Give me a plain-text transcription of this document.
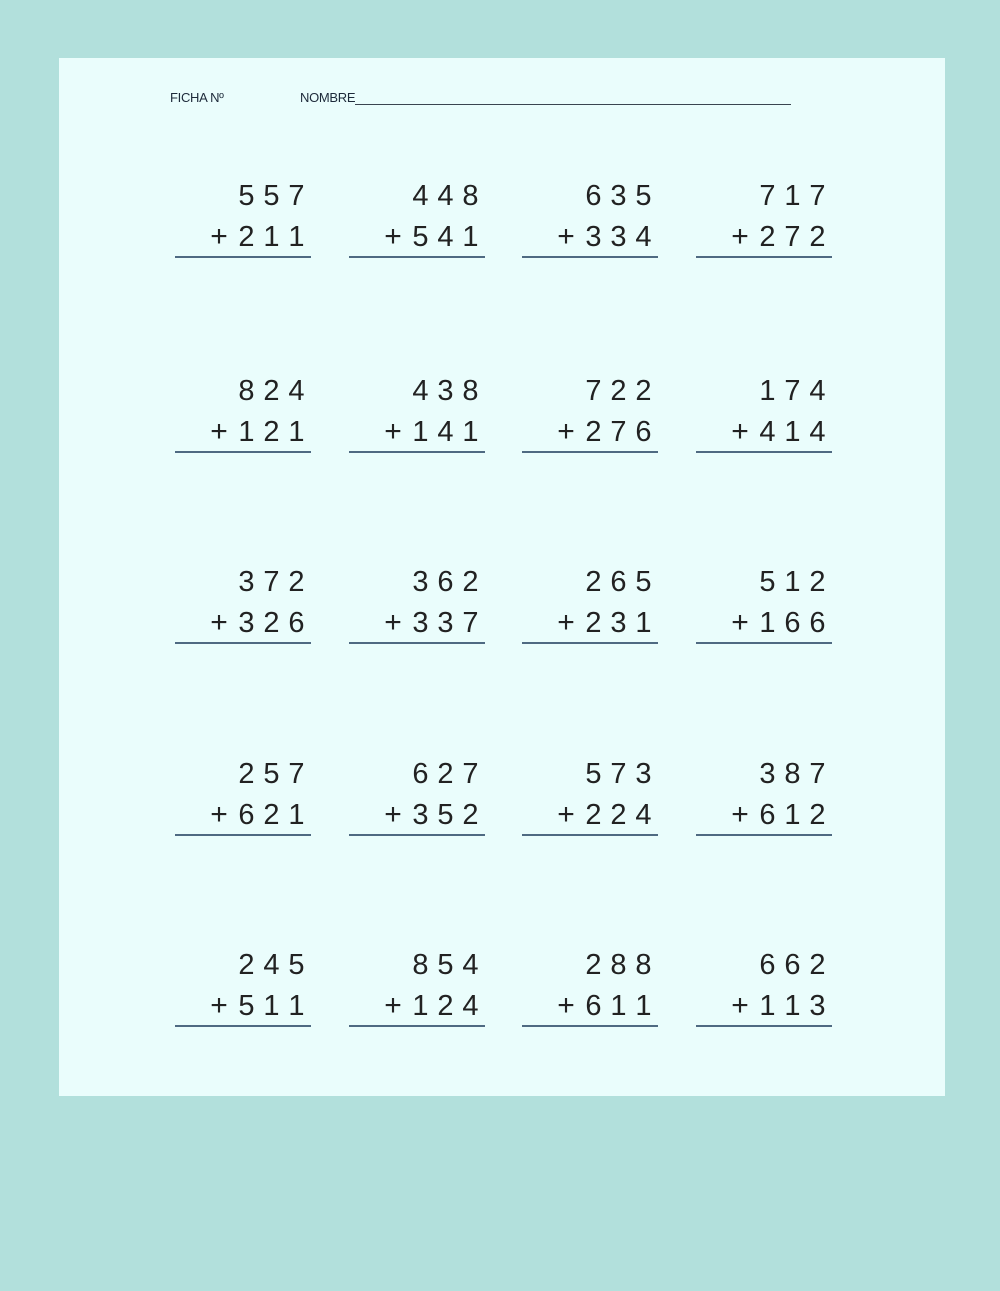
FICHA Nº	NOMBRE
5 5 7
+ 2 1 1
4 4 8
+ 5 4 1
6 3 5
+ 3 3 4
7 1 7
+ 2 7 2
8 2 4
+ 1 2 1
4 3 8
+ 1 4 1
7 2 2
+ 2 7 6
1 7 4
+ 4 1 4
3 7 2
+ 3 2 6
3 6 2
+ 3 3 7
2 6 5
+ 2 3 1
5 1 2
+ 1 6 6
2 5 7
+ 6 2 1
6 2 7
+ 3 5 2
5 7 3
+ 2 2 4
3 8 7
+ 6 1 2
2 4 5
+ 5 1 1
8 5 4
+ 1 2 4
2 8 8
+ 6 1 1
6 6 2
+ 1 1 3
